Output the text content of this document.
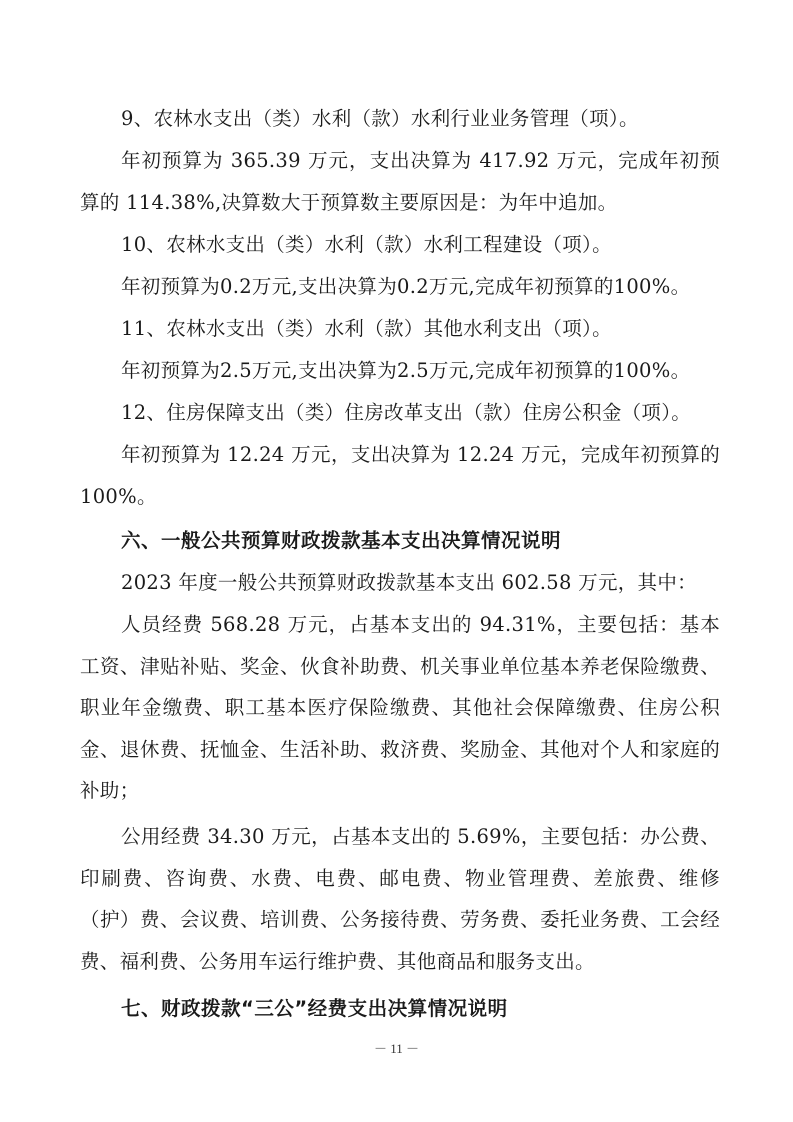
9、农林水支出（类）水利（款）水利行业业务管理（项）。

年初预算为 365.39 万元，支出决算为 417.92 万元，完成年初预算的 114.38%,决算数大于预算数主要原因是：为年中追加。

10、农林水支出（类）水利（款）水利工程建设（项）。

年初预算为0.2万元,支出决算为0.2万元,完成年初预算的100%。

11、农林水支出（类）水利（款）其他水利支出（项）。

年初预算为2.5万元,支出决算为2.5万元,完成年初预算的100%。

12、住房保障支出（类）住房改革支出（款）住房公积金（项）。

年初预算为 12.24 万元，支出决算为 12.24 万元，完成年初预算的 100%。

六、一般公共预算财政拨款基本支出决算情况说明

2023 年度一般公共预算财政拨款基本支出 602.58 万元，其中：

人员经费 568.28 万元，占基本支出的 94.31%，主要包括：基本工资、津贴补贴、奖金、伙食补助费、机关事业单位基本养老保险缴费、职业年金缴费、职工基本医疗保险缴费、其他社会保障缴费、住房公积金、退休费、抚恤金、生活补助、救济费、奖励金、其他对个人和家庭的补助；

公用经费 34.30 万元，占基本支出的 5.69%，主要包括：办公费、印刷费、咨询费、水费、电费、邮电费、物业管理费、差旅费、维修（护）费、会议费、培训费、公务接待费、劳务费、委托业务费、工会经费、福利费、公务用车运行维护费、其他商品和服务支出。

七、财政拨款“三公”经费支出决算情况说明
－ 11 －
